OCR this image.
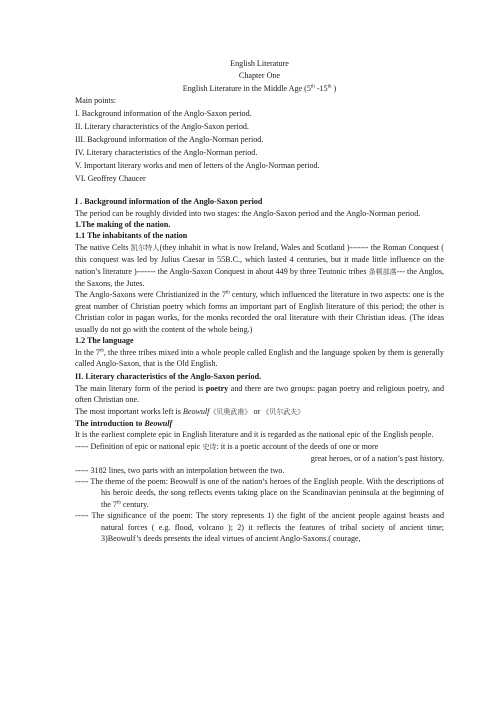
English Literature
Chapter One
English Literature in the Middle Age (5th -15th )
Main points:
I. Background information of the Anglo-Saxon period.
II. Literary characteristics of the Anglo-Saxon period.
III. Background information of the Anglo-Norman period.
IV. Literary characteristics of the Anglo-Norman period.
V. Important literary works and men of letters of the Anglo-Norman period.
VI. Geoffrey Chaucer
I . Background information of the Anglo-Saxon period

The period can be roughly divided into two stages: the Anglo-Saxon period and the Anglo-Norman period.

1.The making of the nation.
1.1 The inhabitants of the nation

The native Celts 凯尔特人(they inhabit in what is now Ireland, Wales and Scotland )------- the Roman Conquest ( this conquest was led by Julius Caesar in 55B.C., which lasted 4 centuries, but it made little influence on the nation’s literature )------- the Anglo-Saxon Conquest in about 449 by three Teutonic tribes 条顿部落--- the Anglos, the Saxons, the Jutes.

The Anglo-Saxons were Christianized in the 7th century, which influenced the literature in two aspects: one is the great number of Christian poetry which forms an important part of English literature of this period; the other is Christian color in pagan works, for the monks recorded the oral literature with their Christian ideas. (The ideas usually do not go with the content of the whole being.)

1.2 The language

In the 7th, the three tribes mixed into a whole people called English and the language spoken by them is generally called Anglo-Saxon, that is the Old English.

II. Literary characteristics of the Anglo-Saxon period.

The main literary form of the period is poetry and there are two groups: pagan poetry and religious poetry, and often Christian one.

The most important works left is Beowulf《贝奥武甫》 or 《贝尔武夫》

The introduction to Beowulf

It is the earliest complete epic in English literature and it is regarded as the national epic of the English people.

----- Definition of epic or national epic 史诗: it is a poetic account of the deeds of one or more

great heroes, or of a nation’s past history.

----- 3182 lines, two parts with an interpolation between the two.

----- The theme of the poem: Beowulf is one of the nation’s heroes of the English people. With the descriptions of his heroic deeds, the song reflects events taking place on the Scandinavian peninsula at the beginning of the 7th century.

----- The significance of the poem: The story represents 1) the fight of the ancient people against beasts and natural forces ( e.g. flood, volcano ); 2) it reflects the features of tribal society of ancient time; 3)Beowulf’s deeds presents the ideal virtues of ancient Anglo-Saxons.( courage,
